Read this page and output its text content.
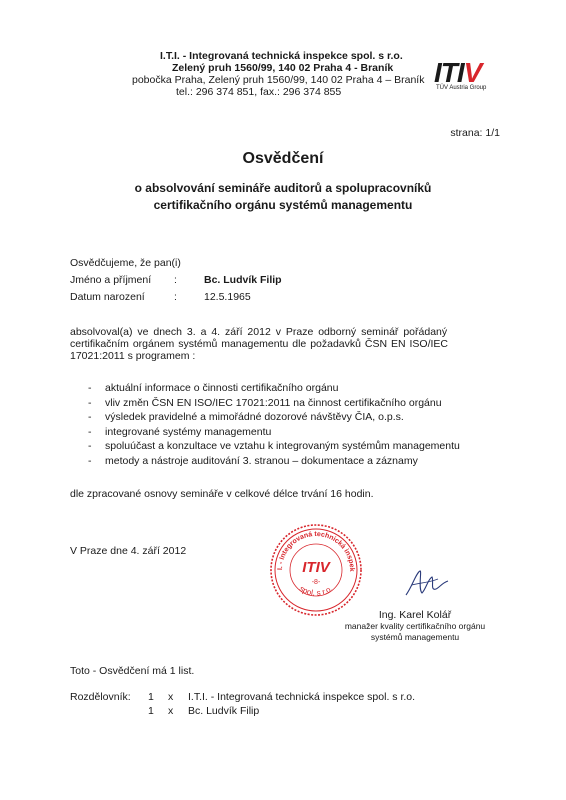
I.T.I. - Integrovaná technická inspekce spol. s r.o.
Zelený pruh 1560/99, 140 02 Praha 4 - Braník
pobočka Praha, Zelený pruh 1560/99, 140 02 Praha 4 – Braník
tel.: 296 374 851, fax.: 296 374 855
ITIV
TÜV Austria Group
strana: 1/1
Osvědčení
o absolvování semináře auditorů a spolupracovníků
certifikačního orgánu systémů managementu
Osvědčujeme, že pan(i)
Jméno a příjmení :	Bc. Ludvík Filip
Datum narození	:	12.5.1965
absolvoval(a) ve dnech 3. a 4. září 2012 v Praze odborný seminář pořádaný
certifikačním orgánem systémů managementu dle požadavků ČSN EN ISO/IEC
17021:2011 s programem :
-	aktuální informace o činnosti certifikačního orgánu
-	vliv změn ČSN EN ISO/IEC 17021:2011 na činnost certifikačního orgánu
-	výsledek pravidelné a mimořádné dozorové návštěvy ČIA, o.p.s.
-	integrované systémy managementu
-	spoluúčast a konzultace ve vztahu k integrovaným systémům managementu
-	metody a nástroje auditování 3. stranou – dokumentace a záznamy
dle zpracované osnovy semináře v celkové délce trvání 16 hodin.
V Praze dne 4. září 2012
I. - Integrovaná technická inspek
ITIV
-8-
spol. s r.o.
Ing. Karel Kolář
manažer kvality certifikačního orgánu
systémů managementu
Toto - Osvědčení má 1 list.
Rozdělovník: 1 x I.T.I. - Integrovaná technická inspekce spol. s r.o.
1 x Bc. Ludvík Filip
